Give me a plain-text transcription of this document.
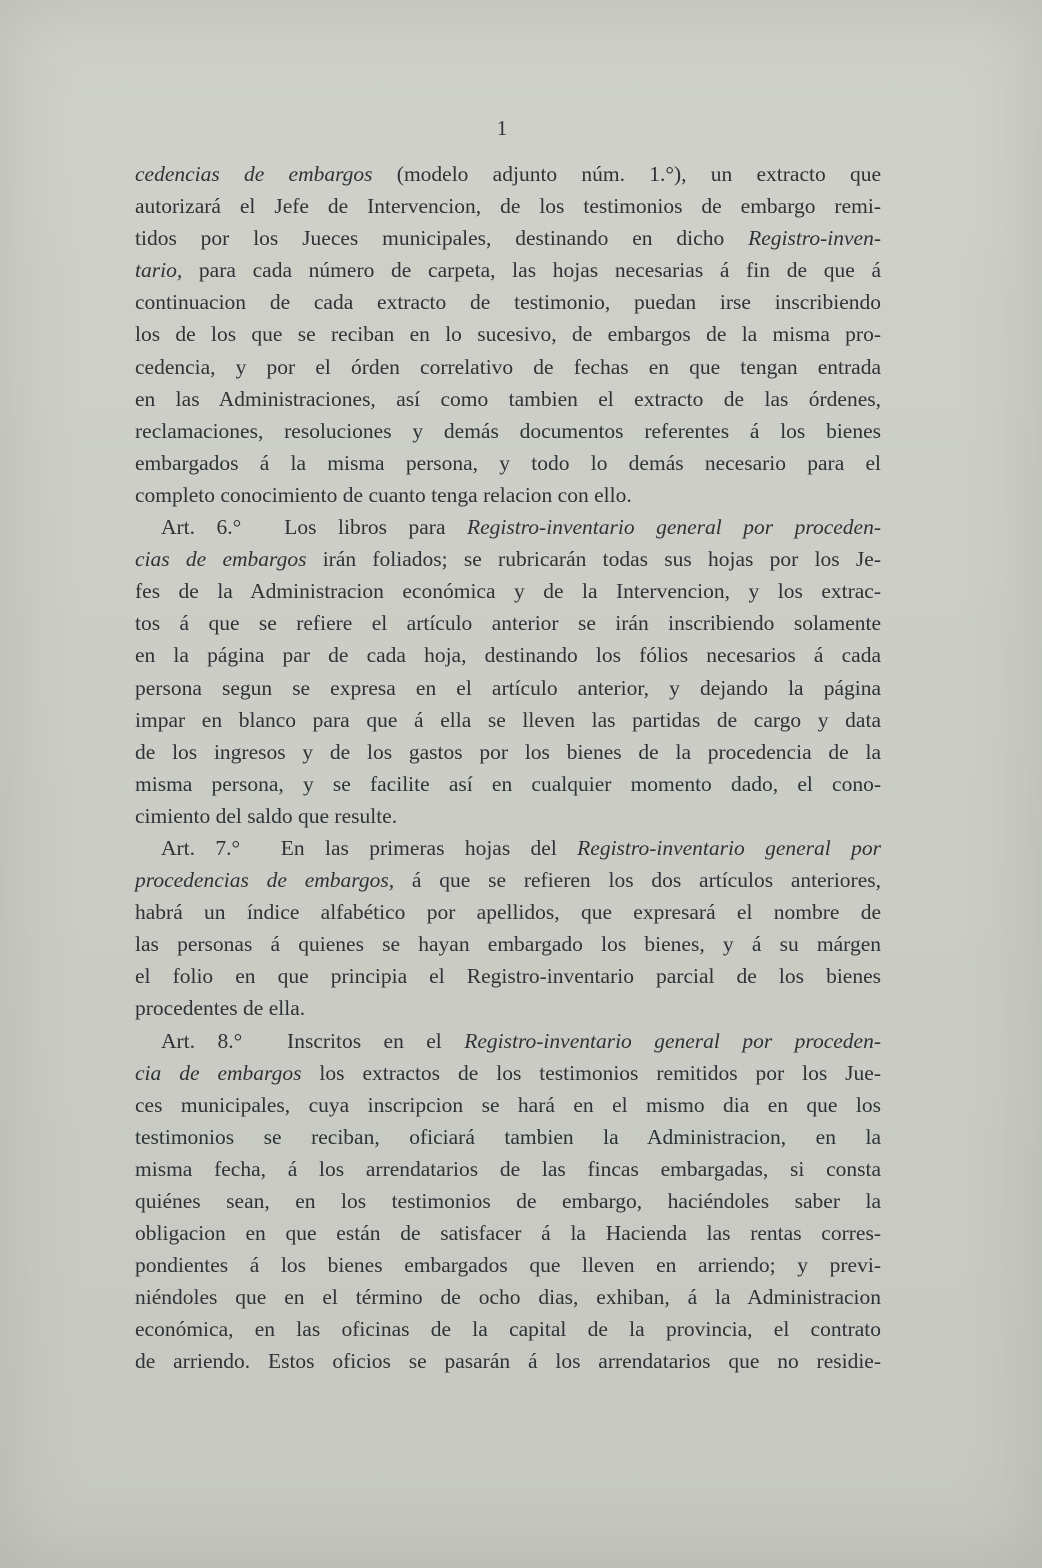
1
cedencias de embargos (modelo adjunto núm. 1.°), un extracto que
autorizará el Jefe de Intervencion, de los testimonios de embargo remi-
tidos por los Jueces municipales, destinando en dicho Registro-inven-
tario, para cada número de carpeta, las hojas necesarias á fin de que á
continuacion de cada extracto de testimonio, puedan irse inscribiendo
los de los que se reciban en lo sucesivo, de embargos de la misma pro-
cedencia, y por el órden correlativo de fechas en que tengan entrada
en las Administraciones, así como tambien el extracto de las órdenes,
reclamaciones, resoluciones y demás documentos referentes á los bienes
embargados á la misma persona, y todo lo demás necesario para el
completo conocimiento de cuanto tenga relacion con ello.
Art. 6.°  Los libros para Registro-inventario general por proceden-
cias de embargos irán foliados; se rubricarán todas sus hojas por los Je-
fes de la Administracion económica y de la Intervencion, y los extrac-
tos á que se refiere el artículo anterior se irán inscribiendo solamente
en la página par de cada hoja, destinando los fólios necesarios á cada
persona segun se expresa en el artículo anterior, y dejando la página
impar en blanco para que á ella se lleven las partidas de cargo y data
de los ingresos y de los gastos por los bienes de la procedencia de la
misma persona, y se facilite así en cualquier momento dado, el cono-
cimiento del saldo que resulte.
Art. 7.°  En las primeras hojas del Registro-inventario general por
procedencias de embargos, á que se refieren los dos artículos anteriores,
habrá un índice alfabético por apellidos, que expresará el nombre de
las personas á quienes se hayan embargado los bienes, y á su márgen
el folio en que principia el Registro-inventario parcial de los bienes
procedentes de ella.
Art. 8.°  Inscritos en el Registro-inventario general por proceden-
cia de embargos los extractos de los testimonios remitidos por los Jue-
ces municipales, cuya inscripcion se hará en el mismo dia en que los
testimonios se reciban, oficiará tambien la Administracion, en la
misma fecha, á los arrendatarios de las fincas embargadas, si consta
quiénes sean, en los testimonios de embargo, haciéndoles saber la
obligacion en que están de satisfacer á la Hacienda las rentas corres-
pondientes á los bienes embargados que lleven en arriendo; y previ-
niéndoles que en el término de ocho dias, exhiban, á la Administracion
económica, en las oficinas de la capital de la provincia, el contrato
de arriendo. Estos oficios se pasarán á los arrendatarios que no residie-
